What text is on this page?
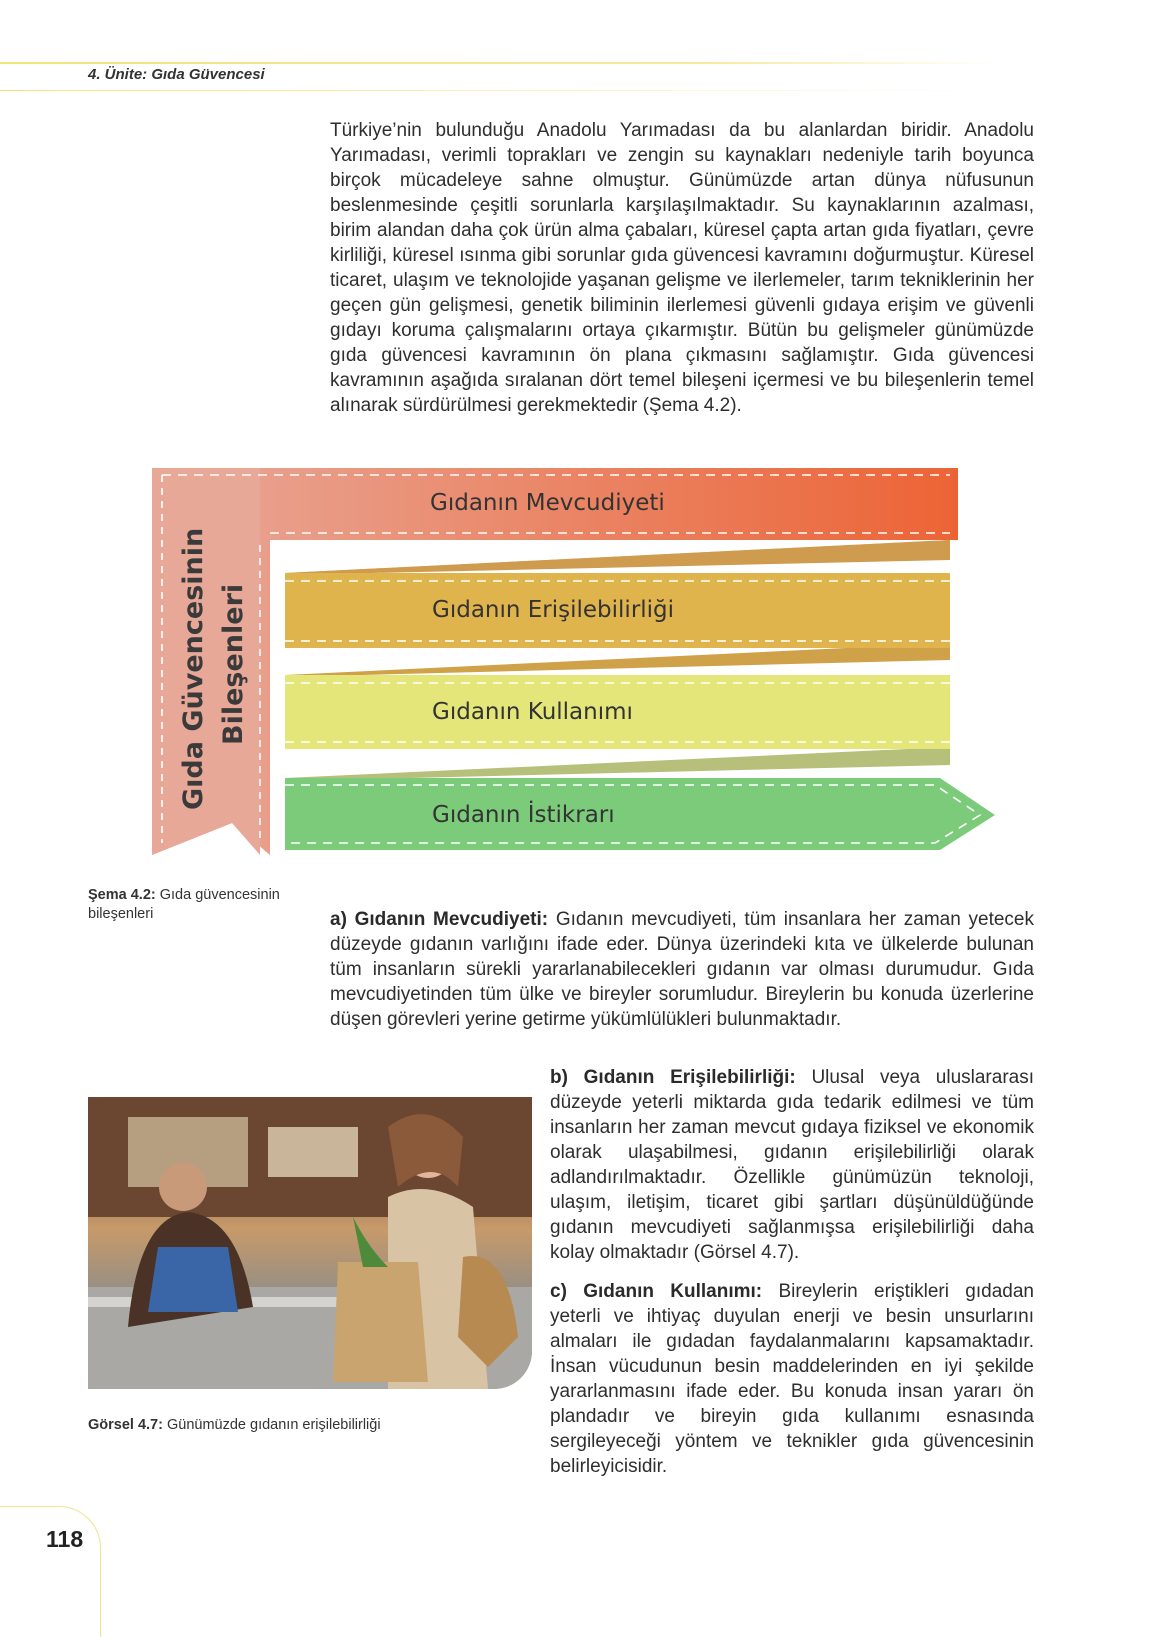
4. Ünite: Gıda Güvencesi

Türkiye’nin bulunduğu Anadolu Yarımadası da bu alanlardan biridir. Anadolu Yarımadası, verimli toprakları ve zengin su kaynakları nedeniyle tarih boyunca birçok mücadeleye sahne olmuştur. Günümüzde artan dünya nüfusunun beslenmesinde çeşitli sorunlarla karşılaşılmaktadır. Su kaynaklarının azalması, birim alandan daha çok ürün alma çabaları, küresel çapta artan gıda fiyatları, çevre kirliliği, küresel ısınma gibi sorunlar gıda güvencesi kavramını doğurmuştur. Küresel ticaret, ulaşım ve teknolojide yaşanan gelişme ve ilerlemeler, tarım tekniklerinin her geçen gün gelişmesi, genetik biliminin ilerlemesi güvenli gıdaya erişim ve güvenli gıdayı koruma çalışmalarını ortaya çıkarmıştır. Bütün bu gelişmeler günümüzde gıda güvencesi kavramının ön plana çıkmasını sağlamıştır. Gıda güvencesi kavramının aşağıda sıralanan dört temel bileşeni içermesi ve bu bileşenlerin temel alınarak sürdürülmesi gerekmektedir (Şema 4.2).

Gıdanın Mevcudiyeti
Gıdanın Erişilebilirliği
Gıdanın Kullanımı
Gıdanın İstikrarı
Gıda Güvencesinin Bileşenleri

Şema 4.2: Gıda güvencesinin bileşenleri	a) Gıdanın Mevcudiyeti: Gıdanın mevcudiyeti, tüm insanlara her zaman yetecek düzeyde gıdanın varlığını ifade eder. Dünya üzerindeki kıta ve ülkelerde bulunan tüm insanların sürekli yararlanabilecekleri gıdanın var olması durumudur. Gıda mevcudiyetinden tüm ülke ve bireyler sorumludur. Bireylerin bu konuda üzerlerine düşen görevleri yerine getirme yükümlülükleri bulunmaktadır.

b) Gıdanın Erişilebilirliği: Ulusal veya uluslararası düzeyde yeterli miktarda gıda tedarik edilmesi ve tüm insanların her zaman mevcut gıdaya fiziksel ve ekonomik olarak ulaşabilmesi, gıdanın erişilebilirliği olarak adlandırılmaktadır. Özellikle günümüzün teknoloji, ulaşım, iletişim, ticaret gibi şartları düşünüldüğünde gıdanın mevcudiyeti sağlanmışsa erişilebilirliği daha kolay olmaktadır (Görsel 4.7).

c) Gıdanın Kullanımı: Bireylerin eriştikleri gıdadan yeterli ve ihtiyaç duyulan enerji ve besin unsurlarını almaları ile gıdadan faydalanmalarını kapsamaktadır. İnsan vücudunun besin maddelerinden en iyi şekilde yararlanmasını ifade eder. Bu konuda insan yararı ön plandadır ve bireyin gıda kullanımı esnasında sergileyeceği yöntem ve teknikler gıda güvencesinin belirleyicisidir.

Görsel 4.7: Günümüzde gıdanın erişilebilirliği

118
